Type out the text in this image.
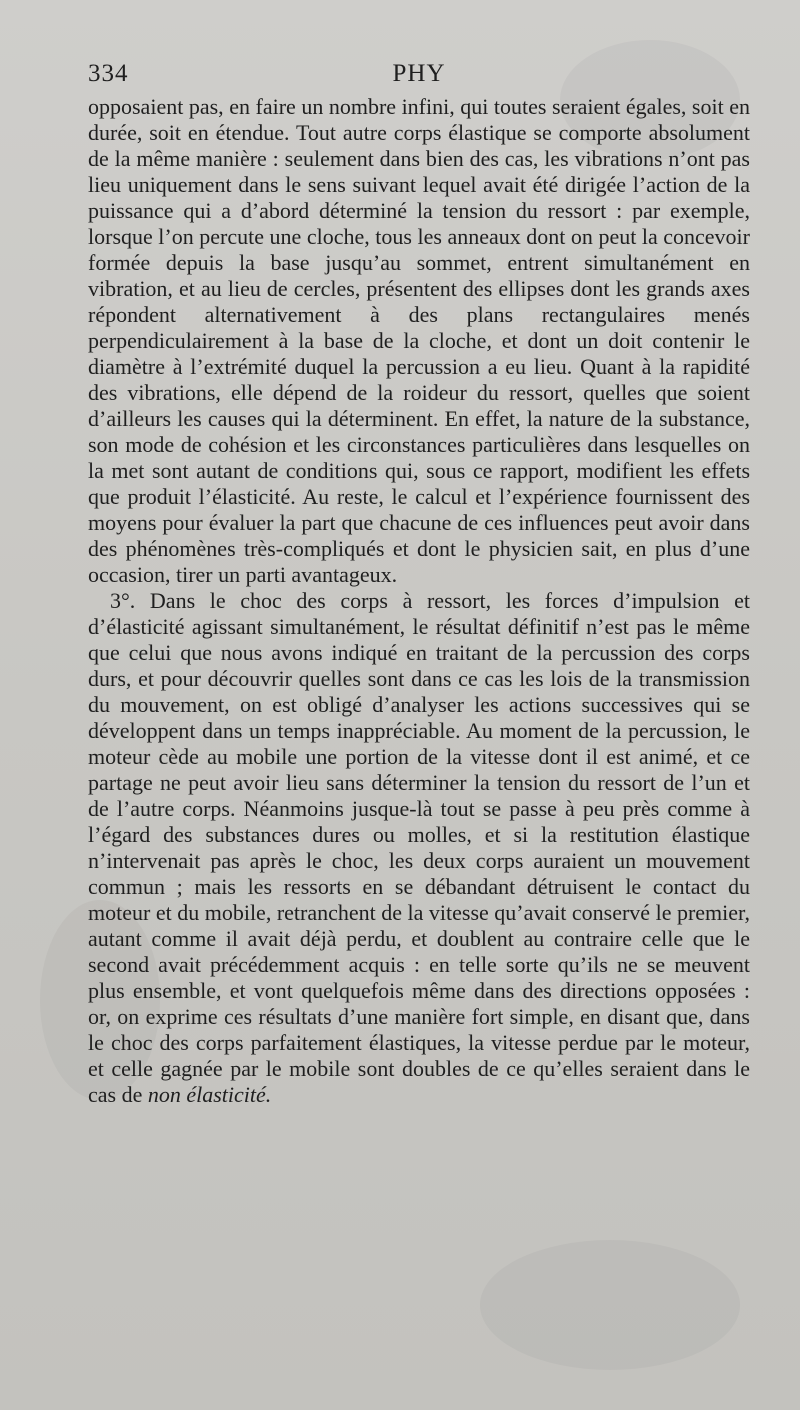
334	PHY

opposaient pas, en faire un nombre infini, qui toutes seraient égales, soit en durée, soit en étendue. Tout autre corps élastique se comporte absolument de la même manière : seulement dans bien des cas, les vibrations n’ont pas lieu uniquement dans le sens suivant lequel avait été dirigée l’action de la puissance qui a d’abord déterminé la tension du ressort : par exemple, lorsque l’on percute une cloche, tous les anneaux dont on peut la concevoir formée depuis la base jusqu’au sommet, entrent simultanément en vibration, et au lieu de cercles, présentent des ellipses dont les grands axes répondent alternativement à des plans rectangulaires menés perpendiculairement à la base de la cloche, et dont un doit contenir le diamètre à l’extrémité duquel la percussion a eu lieu. Quant à la rapidité des vibrations, elle dépend de la roideur du ressort, quelles que soient d’ailleurs les causes qui la déterminent. En effet, la nature de la substance, son mode de cohésion et les circonstances particulières dans lesquelles on la met sont autant de conditions qui, sous ce rapport, modifient les effets que produit l’élasticité. Au reste, le calcul et l’expérience fournissent des moyens pour évaluer la part que chacune de ces influences peut avoir dans des phénomènes très-compliqués et dont le physicien sait, en plus d’une occasion, tirer un parti avantageux.

3°. Dans le choc des corps à ressort, les forces d’impulsion et d’élasticité agissant simultanément, le résultat définitif n’est pas le même que celui que nous avons indiqué en traitant de la percussion des corps durs, et pour découvrir quelles sont dans ce cas les lois de la transmission du mouvement, on est obligé d’analyser les actions successives qui se développent dans un temps inappréciable. Au moment de la percussion, le moteur cède au mobile une portion de la vitesse dont il est animé, et ce partage ne peut avoir lieu sans déterminer la tension du ressort de l’un et de l’autre corps. Néanmoins jusque-là tout se passe à peu près comme à l’égard des substances dures ou molles, et si la restitution élastique n’intervenait pas après le choc, les deux corps auraient un mouvement commun ; mais les ressorts en se débandant détruisent le contact du moteur et du mobile, retranchent de la vitesse qu’avait conservé le premier, autant comme il avait déjà perdu, et doublent au contraire celle que le second avait précédemment acquis : en telle sorte qu’ils ne se meuvent plus ensemble, et vont quelquefois même dans des directions opposées : or, on exprime ces résultats d’une manière fort simple, en disant que, dans le choc des corps parfaitement élastiques, la vitesse perdue par le moteur, et celle gagnée par le mobile sont doubles de ce qu’elles seraient dans le cas de non élasticité.
